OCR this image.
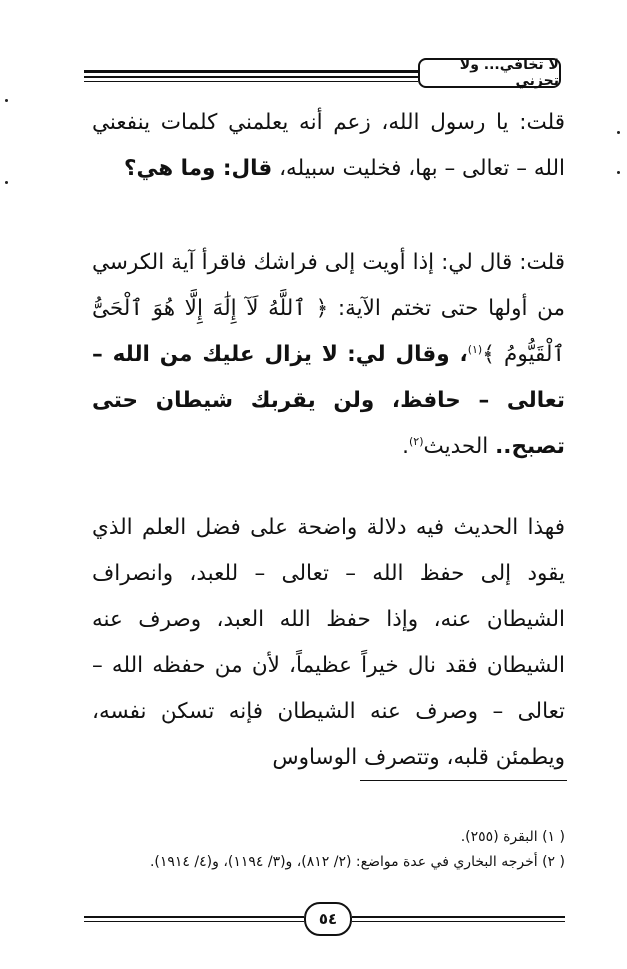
لا تخافي... ولا تحزني

قلت: يا رسول الله، زعم أنه يعلمني كلمات ينفعني الله – تعالى – بها، فخليت سبيله، قال: وما هي؟

قلت: قال لي: إذا أويت إلى فراشك فاقرأ آية الكرسي من أولها حتى تختم الآية: ﴿ ٱللَّهُ لَآ إِلَٰهَ إِلَّا هُوَ ٱلْحَىُّ ٱلْقَيُّومُ ﴾$^{(١)}$، وقال لي: لا يزال عليك من الله – تعالى – حافظ، ولن يقربك شيطان حتى تصبح.. الحديث$^{(٢)}$.

فهذا الحديث فيه دلالة واضحة على فضل العلم الذي يقود إلى حفظ الله – تعالى – للعبد، وانصراف الشيطان عنه، وإذا حفظ الله العبد، وصرف عنه الشيطان فقد نال خيراً عظيماً، لأن من حفظه الله – تعالى – وصرف عنه الشيطان فإنه تسكن نفسه، ويطمئن قلبه، وتتصرف الوساوس

( ١) البقرة (٢٥٥).
( ٢) أخرجه البخاري في عدة مواضع: (٢/ ٨١٢)، و(٣/ ١١٩٤)، و(٤/ ١٩١٤).
٥٤
